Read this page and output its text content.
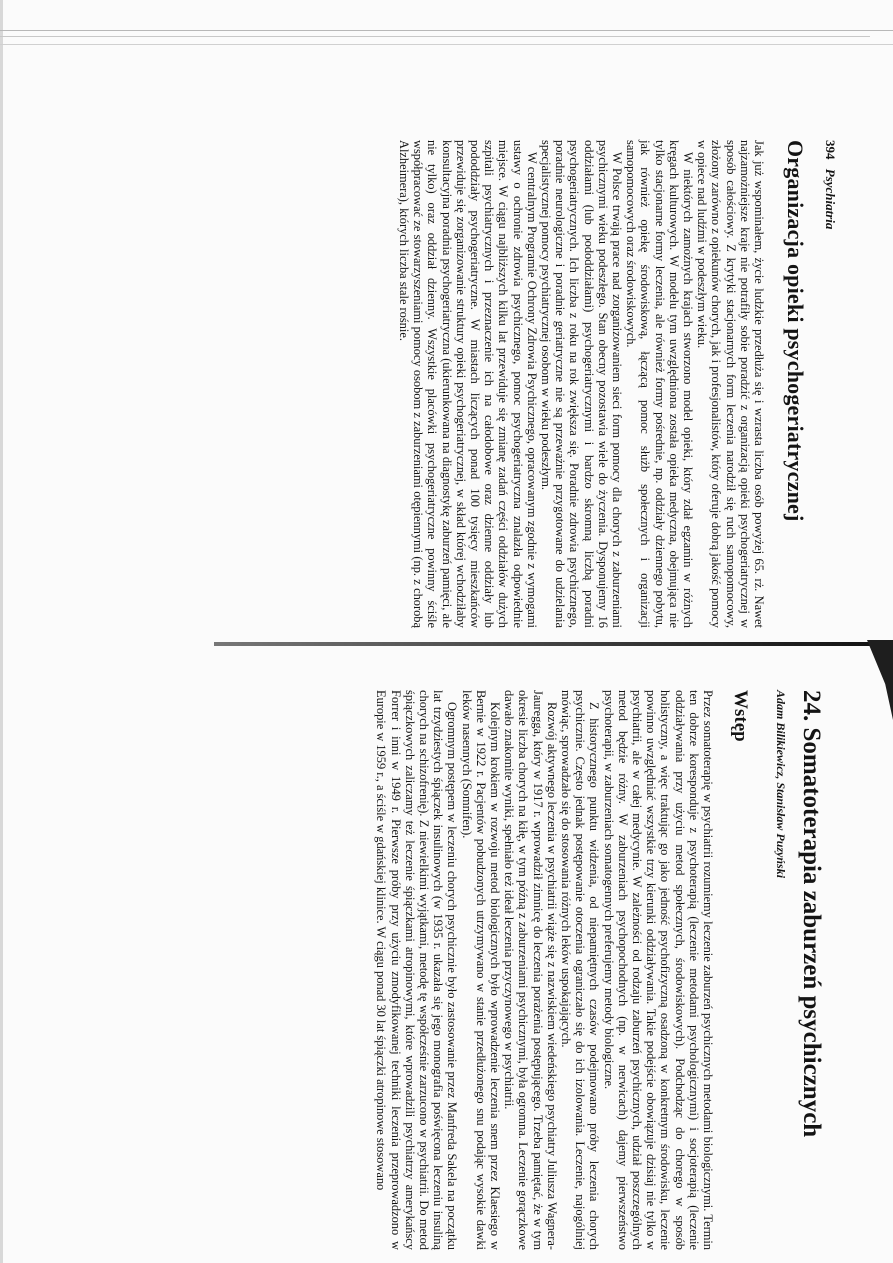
394 Psychiatria
Organizacja opieki psychogeriatrycznej

Jak już wspominałem, życie ludzkie przedłuża się i wzrasta liczba osób powyżej 65. rż. Nawet najzamożniejsze kraje nie potrafiły sobie poradzić z organizacją opieki psychogeriatrycznej w sposób całościowy. Z krytyki stacjonarnych form leczenia narodził się ruch samopomocowy, złożony zarówno z opiekunów chorych, jak i profesjonalistów, który oferuje dobrą jakość pomocy w opiece nad ludźmi w podeszłym wieku.

W niektórych zamożnych krajach stworzono model opieki, który zdał egzamin w różnych kręgach kulturowych. W modelu tym uwzględniona została opieka medyczna, obejmująca nie tylko stacjonarne formy leczenia, ale również formy pośrednie, np. oddziały dziennego pobytu, jak również opiekę środowiskową, łączącą pomoc służb społecznych i organizacji samopomocowych oraz środowiskowych.

W Polsce trwają prace nad zorganizowaniem sieci form pomocy dla chorych z zaburzeniami psychicznymi wieku podeszłego. Stan obecny pozostawia wiele do życzenia. Dysponujemy 16 oddziałami (lub pododdziałami) psychogeriatrycznymi i bardzo skromną liczbą poradni psychogeriatrycznych. Ich liczba z roku na rok zwiększa się. Poradnie zdrowia psychicznego, poradnie neurologiczne i poradnie geriatryczne nie są przeważnie przygotowane do udzielania specjalistycznej pomocy psychiatrycznej osobom w wieku podeszłym.

W centralnym Programie Ochrony Zdrowia Psychicznego, opracowanym zgodnie z wymogami ustawy o ochronie zdrowia psychicznego, pomoc psychogeriatryczna znalazła odpowiednie miejsce. W ciągu najbliższych kilku lat przewiduje się zmianę zadań części oddziałów dużych szpitali psychiatrycznych i przeznaczenie ich na całodobowe oraz dzienne oddziały lub pododdziały psychogeriatryczne. W miastach liczących ponad 100 tysięcy mieszkańców przewiduje się zorganizowanie struktury opieki psychogeriatrycznej, w skład której wchodziłaby konsultacyjna poradnia psychogeriatryczna (ukierunkowana na diagnostykę zaburzeń pamięci, ale nie tylko) oraz oddział dzienny. Wszystkie placówki psychogeriatryczne powinny ściśle współpracować ze stowarzyszeniami pomocy osobom z zaburzeniami otępiennymi (np. z chorobą Alzheimera), których liczba stale rośnie.

24. Somatoterapia zaburzeń psychicznych
Adam Bilikiewicz, Stanisław Puzyński
Wstęp

Przez somatoterapię w psychiatrii rozumiemy leczenie zaburzeń psychicznych metodami biologicznymi. Termin ten dobrze koresponduje z psychoterapią (leczenie metodami psychologicznymi) i socjoterapią (leczenie oddziaływania przy użyciu metod społecznych, środowiskowych). Podchodząc do chorego w sposób holistyczny, a więc traktując go jako jedność psychofizyczną osadzoną w konkretnym środowisku, leczenie powinno uwzględniać wszystkie trzy kierunki oddziaływania. Takie podejście obowiązuje dzisiaj nie tylko w psychiatrii, ale w całej medycynie. W zależności od rodzaju zaburzeń psychicznych, udział poszczególnych metod będzie różny. W zaburzeniach psychopochodnych (np. w nerwicach) dajemy pierwszeństwo psychoterapii, w zaburzeniach somatogennych preferujemy metody biologiczne.

Z historycznego punktu widzenia, od niepamiętnych czasów podejmowano próby leczenia chorych psychicznie. Często jednak postępowanie otoczenia ograniczało się do ich izolowania. Leczenie, najogólniej mówiąc, sprowadzało się do stosowania różnych leków uspokajających.

Rozwój aktywnego leczenia w psychiatrii wiąże się z nazwiskiem wiedeńskiego psychiatry Juliusza Wagnera-Jauregga, który w 1917 r. wprowadził zimnicę do leczenia porażenia postępującego. Trzeba pamiętać, że w tym okresie liczba chorych na kiłę, w tym późną z zaburzeniami psychicznymi, była ogromna. Leczenie gorączkowe dawało znakomite wyniki, spełniało też ideał leczenia przyczynowego w psychiatrii.

Kolejnym krokiem w rozwoju metod biologicznych było wprowadzenie leczenia snem przez Klaesiego w Bernie w 1922 r. Pacjentów pobudzonych utrzymywano w stanie przedłużonego snu podając wysokie dawki leków nasennych (Somnifen).

Ogromnym postępem w leczeniu chorych psychicznie było zastosowanie przez Manfreda Sakela na początku lat trzydziestych śpiączek insulinowych (w 1935 r. ukazała się jego monografia poświęcona leczeniu insuliną chorych na schizofrenię). Z niewielkimi wyjątkami, metodę tę współcześnie zarzucono w psychiatrii. Do metod śpiączkowych zaliczamy też leczenie śpiączkami atropinowymi, które wprowadzili psychiatrzy amerykańscy Forrer i inni w 1949 r. Pierwsze próby przy użyciu zmodyfikowanej techniki leczenia przeprowadzono w Europie w 1959 r., a ściśle w gdańskiej klinice. W ciągu ponad 30 lat śpiączki atropinowe stosowano
